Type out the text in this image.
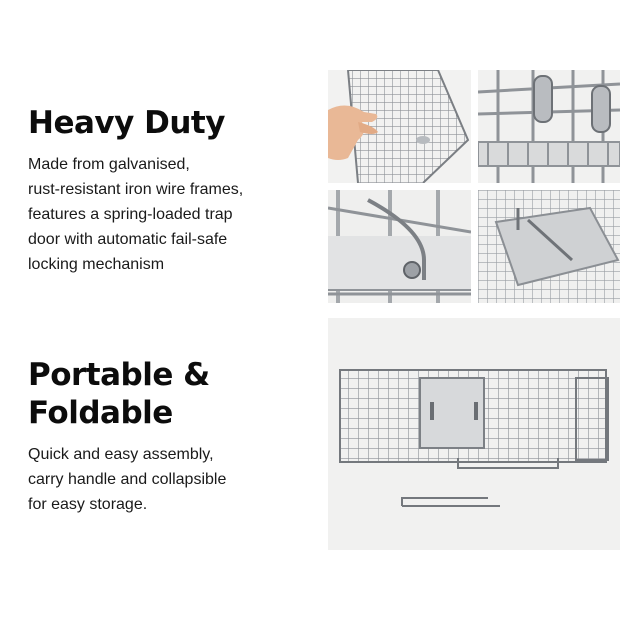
Heavy Duty

Made from galvanised,
rust-resistant iron wire frames,
features a spring-loaded trap
door with automatic fail-safe
locking mechanism

Portable & Foldable

Quick and easy assembly,
carry handle and collapsible
for easy storage.
